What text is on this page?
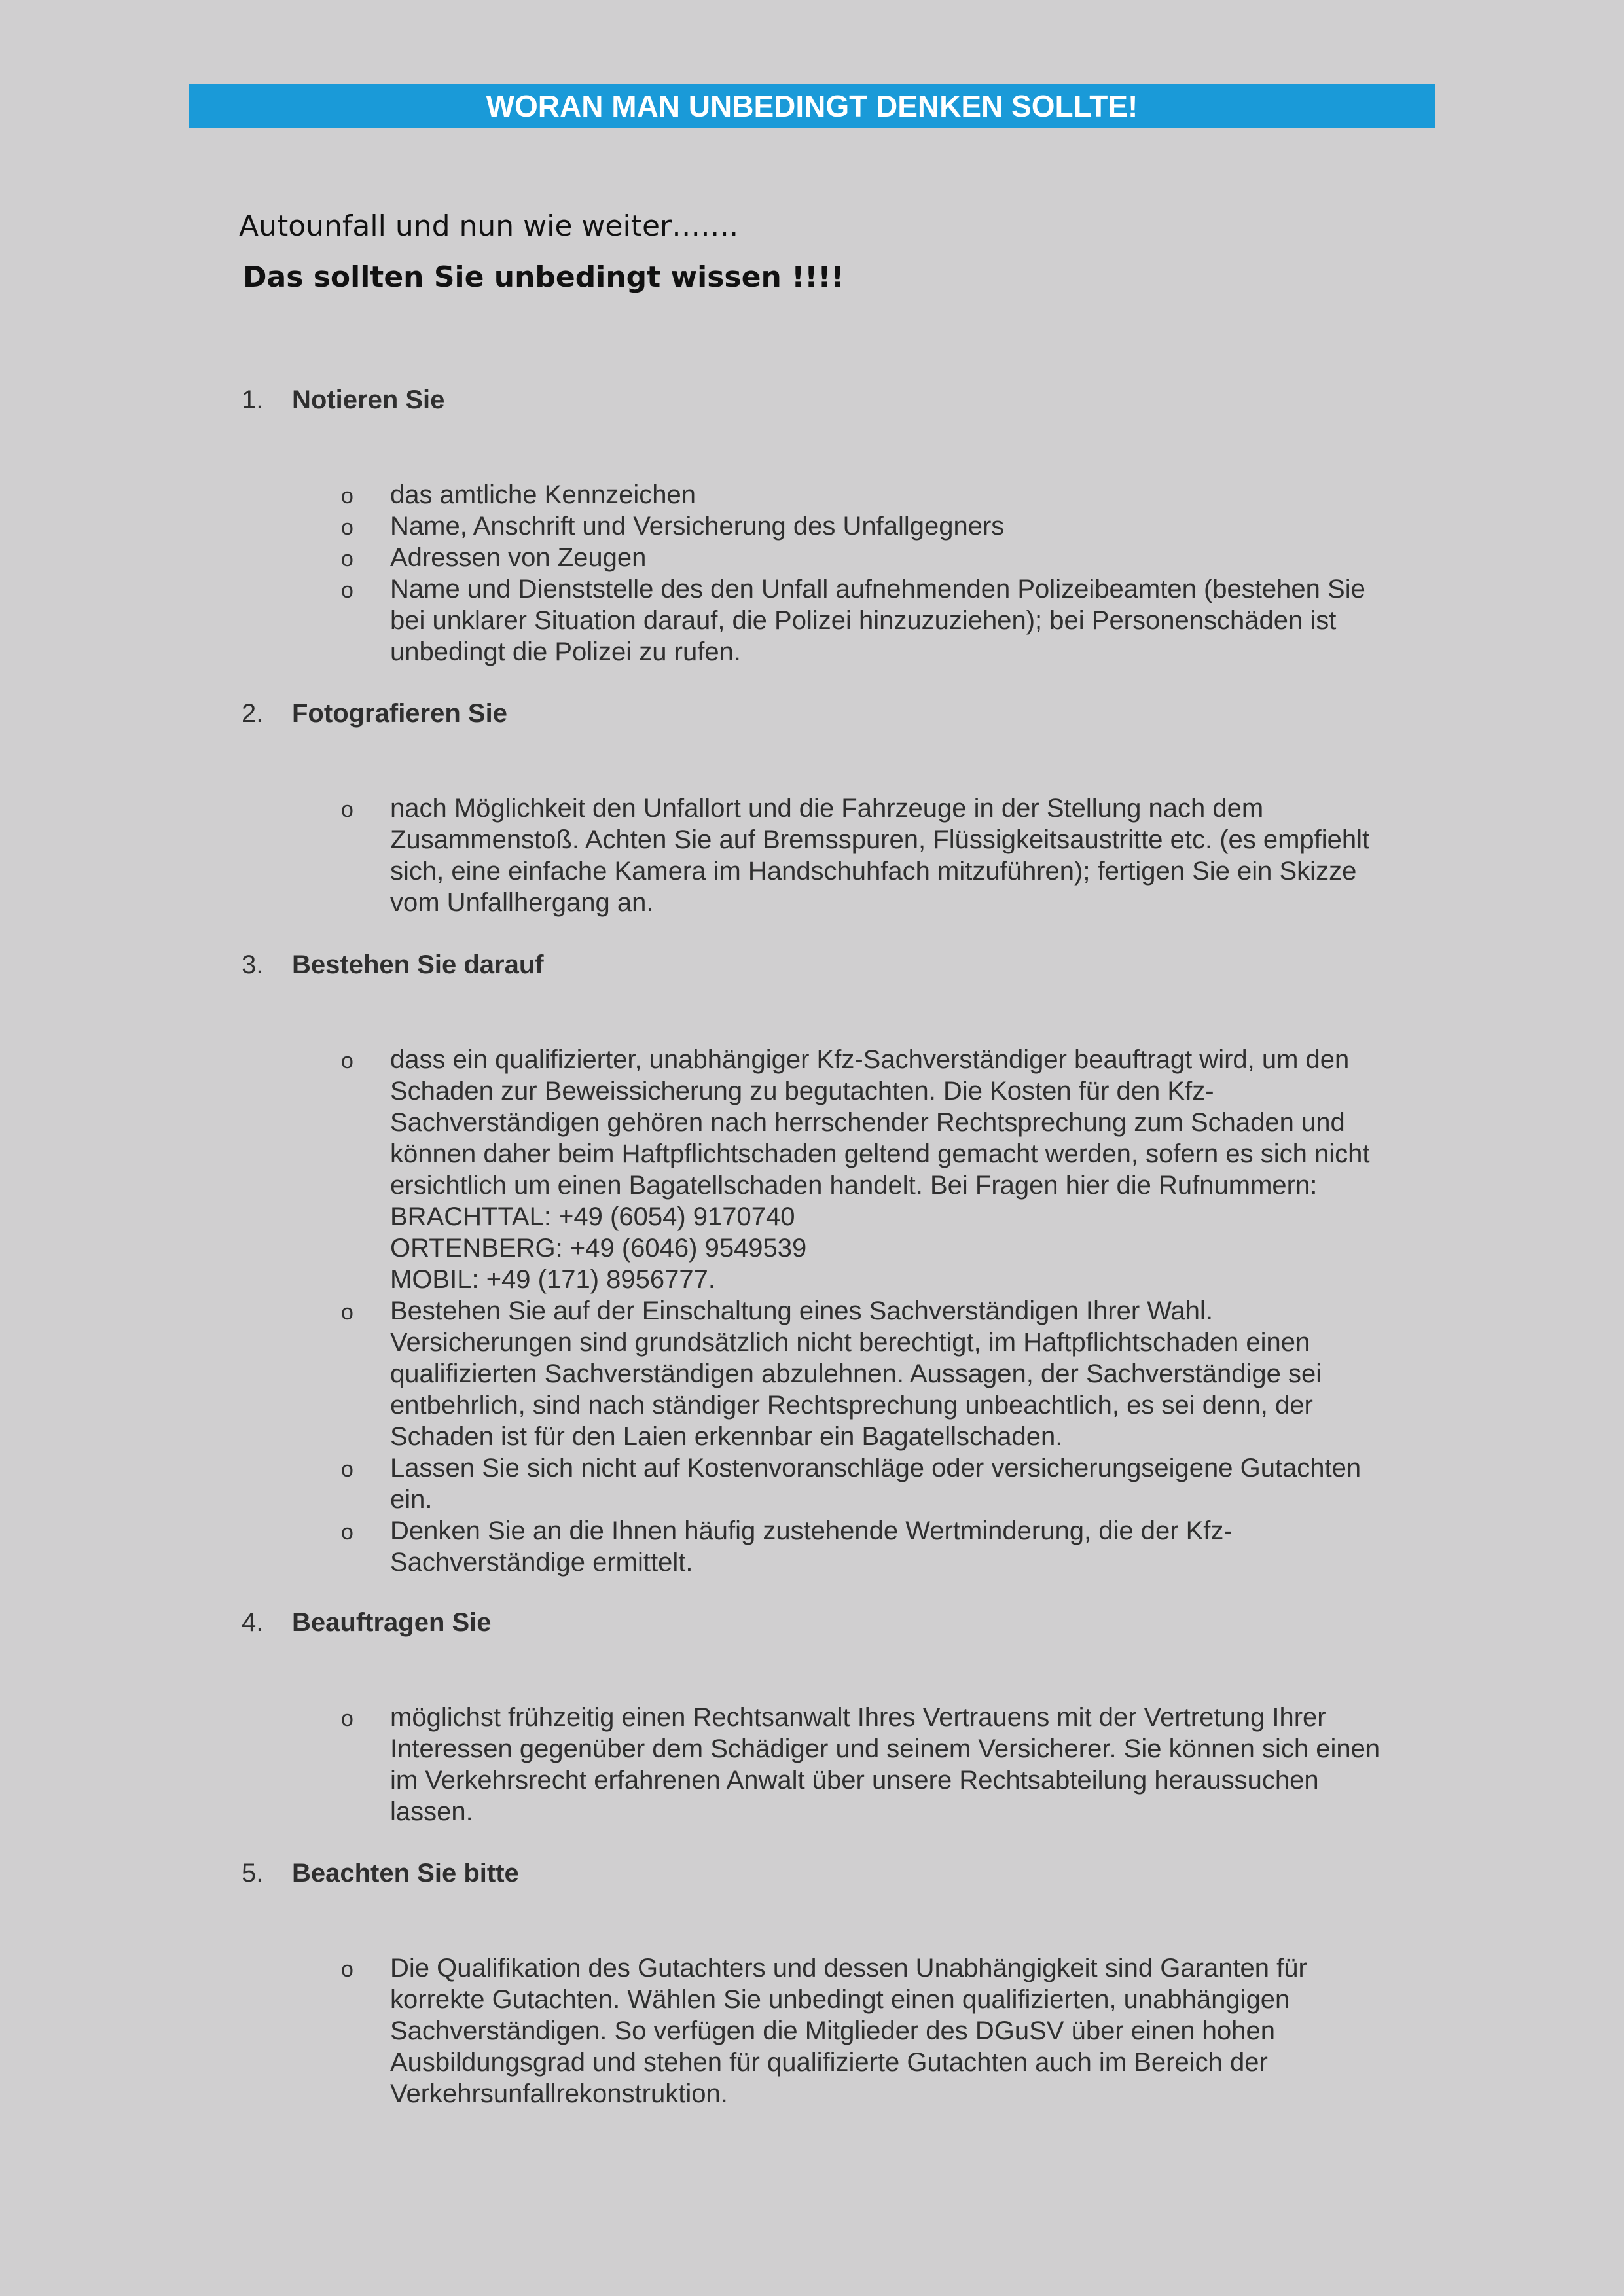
WORAN MAN UNBEDINGT DENKEN SOLLTE!
Autounfall und nun wie weiter…….
Das sollten Sie unbedingt wissen !!!!
1. Notieren Sie
o das amtliche Kennzeichen
o Name, Anschrift und Versicherung des Unfallgegners
o Adressen von Zeugen
o Name und Dienststelle des den Unfall aufnehmenden Polizeibeamten (bestehen Sie
bei unklarer Situation darauf, die Polizei hinzuzuziehen); bei Personenschäden ist
unbedingt die Polizei zu rufen.
2. Fotografieren Sie
o nach Möglichkeit den Unfallort und die Fahrzeuge in der Stellung nach dem
Zusammenstoß. Achten Sie auf Bremsspuren, Flüssigkeitsaustritte etc. (es empfiehlt
sich, eine einfache Kamera im Handschuhfach mitzuführen); fertigen Sie ein Skizze
vom Unfallhergang an.
3. Bestehen Sie darauf
o dass ein qualifizierter, unabhängiger Kfz-Sachverständiger beauftragt wird, um den
Schaden zur Beweissicherung zu begutachten. Die Kosten für den Kfz-
Sachverständigen gehören nach herrschender Rechtsprechung zum Schaden und
können daher beim Haftpflichtschaden geltend gemacht werden, sofern es sich nicht
ersichtlich um einen Bagatellschaden handelt. Bei Fragen hier die Rufnummern:
BRACHTTAL: +49 (6054) 9170740
ORTENBERG: +49 (6046) 9549539
MOBIL: +49 (171) 8956777.
o Bestehen Sie auf der Einschaltung eines Sachverständigen Ihrer Wahl.
Versicherungen sind grundsätzlich nicht berechtigt, im Haftpflichtschaden einen
qualifizierten Sachverständigen abzulehnen. Aussagen, der Sachverständige sei
entbehrlich, sind nach ständiger Rechtsprechung unbeachtlich, es sei denn, der
Schaden ist für den Laien erkennbar ein Bagatellschaden.
o Lassen Sie sich nicht auf Kostenvoranschläge oder versicherungseigene Gutachten
ein.
o Denken Sie an die Ihnen häufig zustehende Wertminderung, die der Kfz-
Sachverständige ermittelt.
4. Beauftragen Sie
o möglichst frühzeitig einen Rechtsanwalt Ihres Vertrauens mit der Vertretung Ihrer
Interessen gegenüber dem Schädiger und seinem Versicherer. Sie können sich einen
im Verkehrsrecht erfahrenen Anwalt über unsere Rechtsabteilung heraussuchen
lassen.
5. Beachten Sie bitte
o Die Qualifikation des Gutachters und dessen Unabhängigkeit sind Garanten für
korrekte Gutachten. Wählen Sie unbedingt einen qualifizierten, unabhängigen
Sachverständigen. So verfügen die Mitglieder des DGuSV über einen hohen
Ausbildungsgrad und stehen für qualifizierte Gutachten auch im Bereich der
Verkehrsunfallrekonstruktion.
